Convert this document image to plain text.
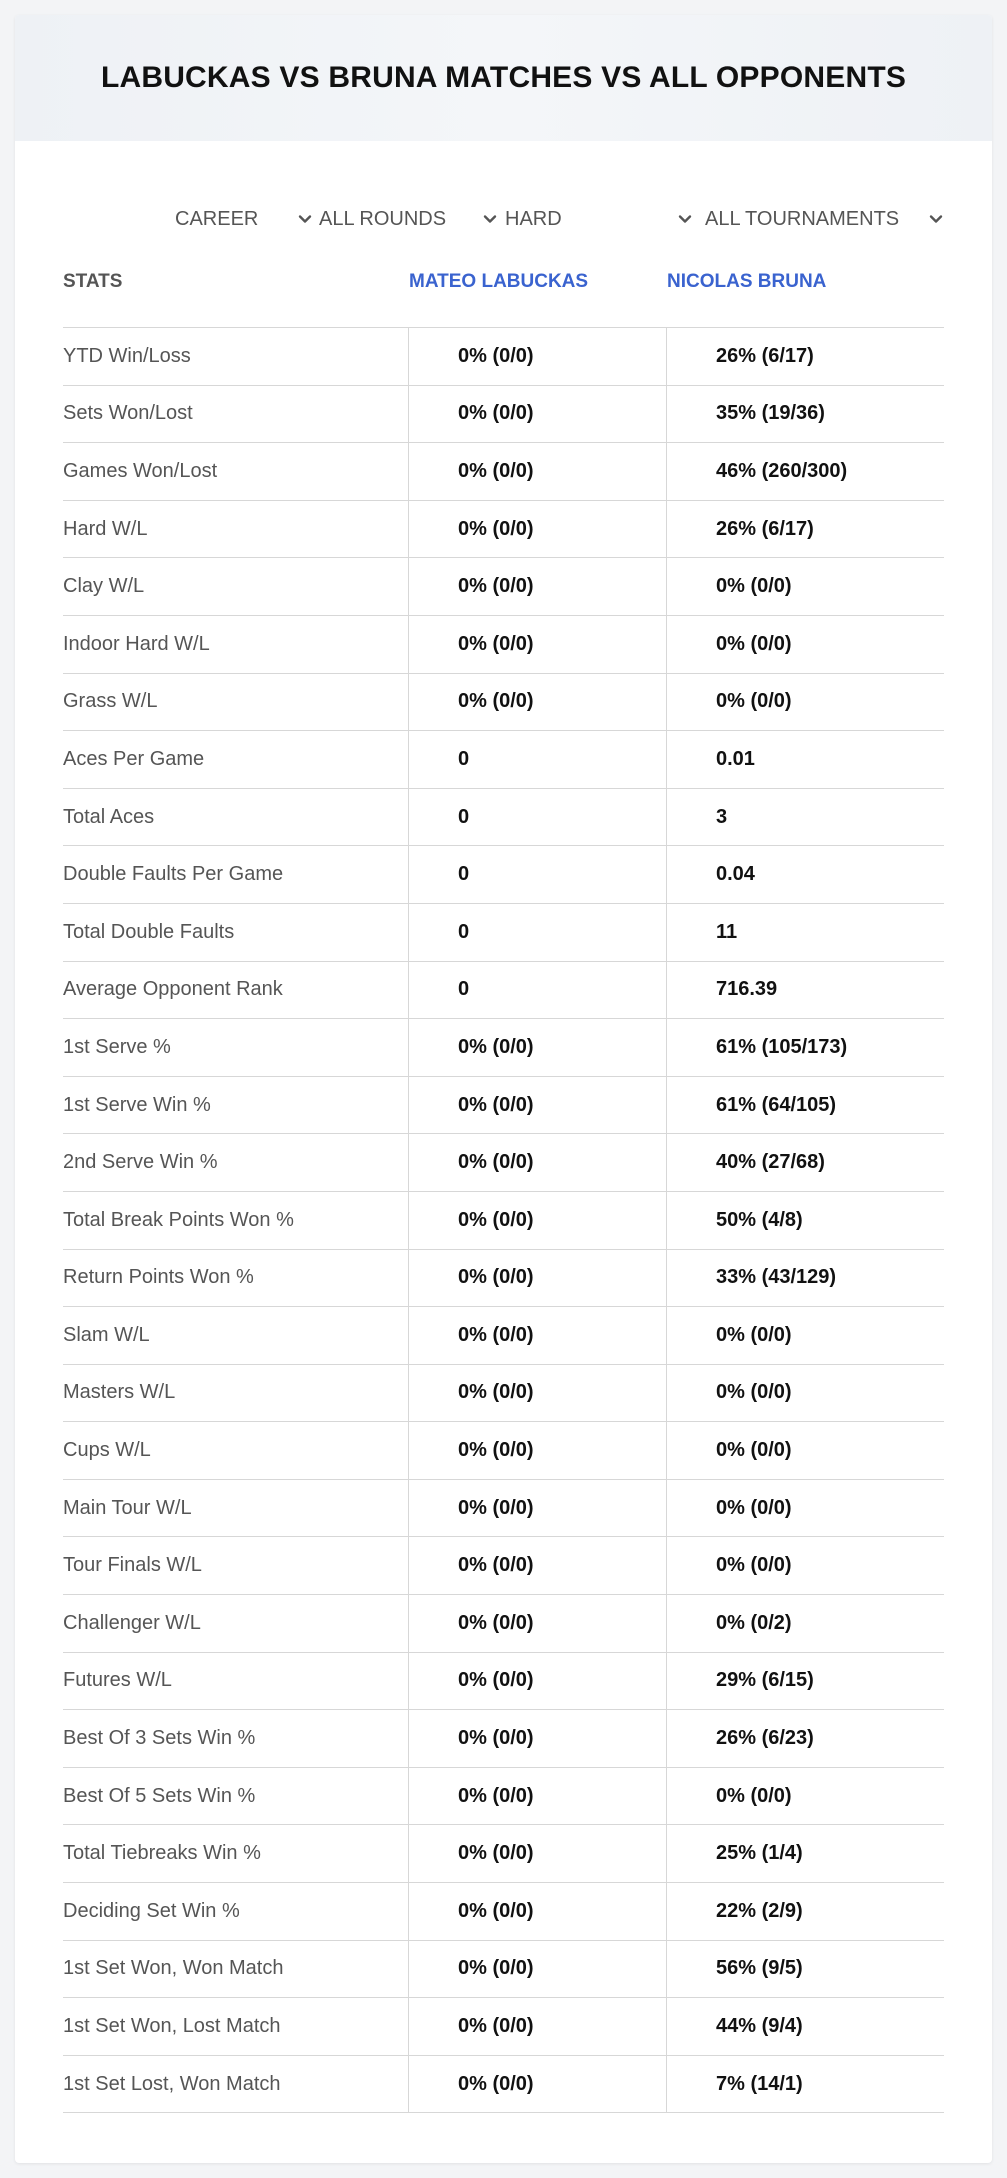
LABUCKAS VS BRUNA MATCHES VS ALL OPPONENTS
CAREER	ALL ROUNDS	HARD	ALL TOURNAMENTS
STATS	MATEO LABUCKAS	NICOLAS BRUNA
YTD Win/Loss	0% (0/0)	26% (6/17)
Sets Won/Lost	0% (0/0)	35% (19/36)
Games Won/Lost	0% (0/0)	46% (260/300)
Hard W/L	0% (0/0)	26% (6/17)
Clay W/L	0% (0/0)	0% (0/0)
Indoor Hard W/L	0% (0/0)	0% (0/0)
Grass W/L	0% (0/0)	0% (0/0)
Aces Per Game	0	0.01
Total Aces	0	3
Double Faults Per Game	0	0.04
Total Double Faults	0	11
Average Opponent Rank	0	716.39
1st Serve %	0% (0/0)	61% (105/173)
1st Serve Win %	0% (0/0)	61% (64/105)
2nd Serve Win %	0% (0/0)	40% (27/68)
Total Break Points Won %	0% (0/0)	50% (4/8)
Return Points Won %	0% (0/0)	33% (43/129)
Slam W/L	0% (0/0)	0% (0/0)
Masters W/L	0% (0/0)	0% (0/0)
Cups W/L	0% (0/0)	0% (0/0)
Main Tour W/L	0% (0/0)	0% (0/0)
Tour Finals W/L	0% (0/0)	0% (0/0)
Challenger W/L	0% (0/0)	0% (0/2)
Futures W/L	0% (0/0)	29% (6/15)
Best Of 3 Sets Win %	0% (0/0)	26% (6/23)
Best Of 5 Sets Win %	0% (0/0)	0% (0/0)
Total Tiebreaks Win %	0% (0/0)	25% (1/4)
Deciding Set Win %	0% (0/0)	22% (2/9)
1st Set Won, Won Match	0% (0/0)	56% (9/5)
1st Set Won, Lost Match	0% (0/0)	44% (9/4)
1st Set Lost, Won Match	0% (0/0)	7% (14/1)
